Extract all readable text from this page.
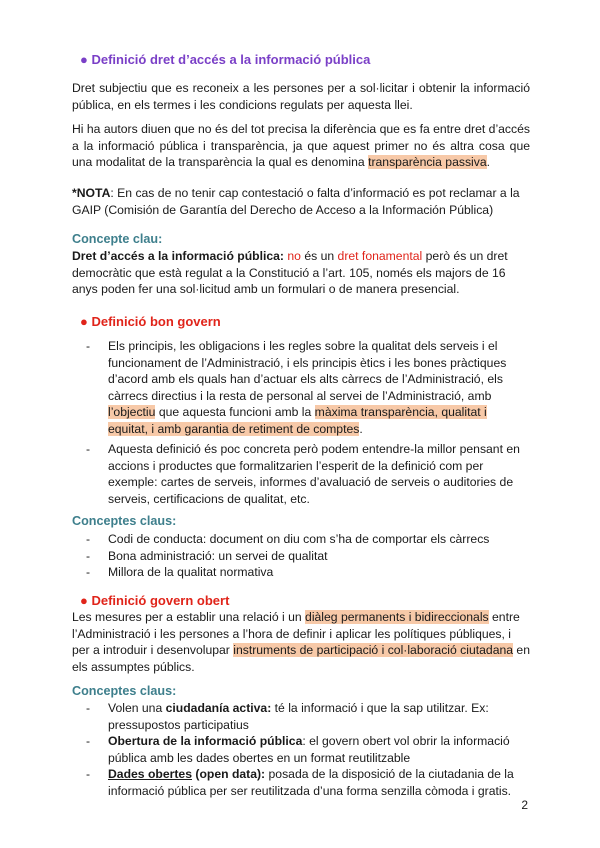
● Definició dret d’accés a la informació pública
Dret subjectiu que es reconeix a les persones per a sol·licitar i obtenir la informació pública, en els termes i les condicions regulats per aquesta llei.
Hi ha autors diuen que no és del tot precisa la diferència que es fa entre dret d’accés a la informació pública i transparència, ja que aquest primer no és altra cosa que una modalitat de la transparència la qual es denomina transparència passiva.
*NOTA: En cas de no tenir cap contestació o falta d’informació es pot reclamar a la GAIP (Comisión de Garantía del Derecho de Acceso a la Información Pública)
Concepte clau:
Dret d’accés a la informació pública: no és un dret fonamental però és un dret democràtic que està regulat a la Constitució a l’art. 105, només els majors de 16 anys poden fer una sol·licitud amb un formulari o de manera presencial.
● Definició bon govern
-	Els principis, les obligacions i les regles sobre la qualitat dels serveis i el funcionament de l’Administració, i els principis ètics i les bones pràctiques d’acord amb els quals han d’actuar els alts càrrecs de l’Administració, els càrrecs directius i la resta de personal al servei de l’Administració, amb l’objectiu que aquesta funcioni amb la màxima transparència, qualitat i equitat, i amb garantia de retiment de comptes.
-	Aquesta definició és poc concreta però podem entendre-la millor pensant en accions i productes que formalitzarien l’esperit de la definició com per exemple: cartes de serveis, informes d’avaluació de serveis o auditories de serveis, certificacions de qualitat, etc.
Conceptes claus:
-	Codi de conducta: document on diu com s’ha de comportar els càrrecs
-	Bona administració: un servei de qualitat
-	Millora de la qualitat normativa
● Definició govern obert
Les mesures per a establir una relació i un diàleg permanents i bidireccionals entre l’Administració i les persones a l’hora de definir i aplicar les polítiques públiques, i per a introduir i desenvolupar instruments de participació i col·laboració ciutadana en els assumptes públics.
Conceptes claus:
-	Volen una ciudadanía activa: té la informació i que la sap utilitzar. Ex: pressupostos participatius
-	Obertura de la informació pública: el govern obert vol obrir la informació pública amb les dades obertes en un format reutilitzable
-	Dades obertes (open data): posada de la disposició de la ciutadania de la informació pública per ser reutilitzada d’una forma senzilla còmoda i gratis.
2
